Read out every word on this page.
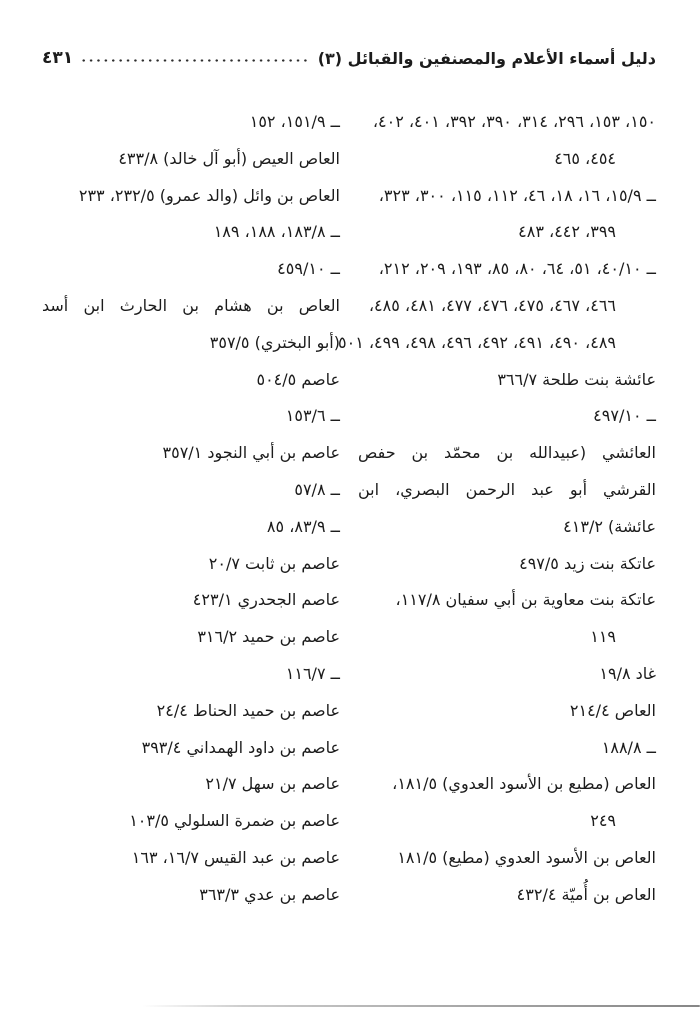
دليل أسماء الأعلام والمصنفين والقبائل (٣)
٤٣١
١٥٠، ١٥٣، ٢٩٦، ٣١٤، ٣٩٠، ٣٩٢، ٤٠١، ٤٠٢،
٤٥٤، ٤٦٥
ــ ١٥/٩، ١٦، ١٨، ٤٦، ١١٢، ١١٥، ٣٠٠، ٣٢٣،
٣٩٩، ٤٤٢، ٤٨٣
ــ ٤٠/١٠، ٥١، ٦٤، ٨٠، ٨٥، ١٩٣، ٢٠٩، ٢١٢،
٤٦٦، ٤٦٧، ٤٧٥، ٤٧٦، ٤٧٧، ٤٨١، ٤٨٥،
٤٨٩، ٤٩٠، ٤٩١، ٤٩٢، ٤٩٦، ٤٩٨، ٤٩٩، ٥٠١
عائشة بنت طلحة ٣٦٦/٧
ــ ٤٩٧/١٠
العائشي (عبيدالله بن محمّد بن حفص
القرشي أبو عبد الرحمن البصري، ابن
عائشة) ٤١٣/٢
عاتكة بنت زيد ٤٩٧/٥
عاتكة بنت معاوية بن أبي سفيان ١١٧/٨،
١١٩
غاد ١٩/٨
العاص ٢١٤/٤
ــ ١٨٨/٨
العاص (مطيع بن الأسود العدوي) ١٨١/٥،
٢٤٩
العاص بن الأسود العدوي (مطيع) ١٨١/٥
العاص بن أُميّة ٤٣٢/٤
ــ ١٥١/٩، ١٥٢
العاص العيص (أبو آل خالد) ٤٣٣/٨
العاص بن وائل (والد عمرو) ٢٣٢/٥، ٢٣٣
ــ ١٨٣/٨، ١٨٨، ١٨٩
ــ ٤٥٩/١٠
العاص بن هشام بن الحارث ابن أسد
(أبو البختري) ٣٥٧/٥
عاصم ٥٠٤/٥
ــ ١٥٣/٦
عاصم بن أبي النجود ٣٥٧/١
ــ ٥٧/٨
ــ ٨٣/٩، ٨٥
عاصم بن ثابت ٢٠/٧
عاصم الجحدري ٤٢٣/١
عاصم بن حميد ٣١٦/٢
ــ ١١٦/٧
عاصم بن حميد الحناط ٢٤/٤
عاصم بن داود الهمداني ٣٩٣/٤
عاصم بن سهل ٢١/٧
عاصم بن ضمرة السلولي ١٠٣/٥
عاصم بن عبد القيس ١٦/٧، ١٦٣
عاصم بن عدي ٣٦٣/٣
